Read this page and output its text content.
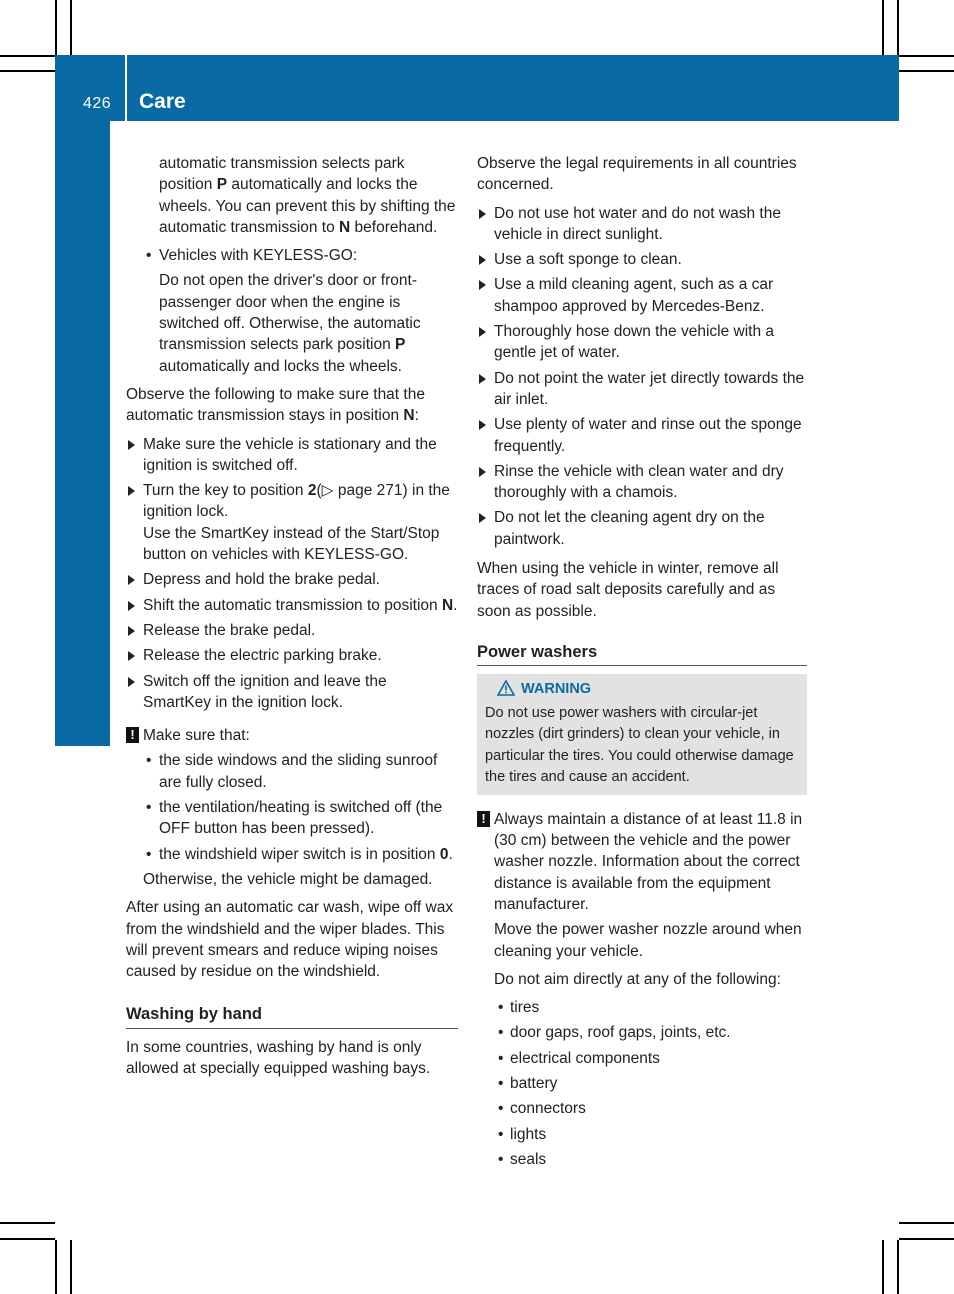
426 Care
Maintenance and care

automatic transmission selects park position P automatically and locks the wheels. You can prevent this by shifting the automatic transmission to N beforehand.

• Vehicles with KEYLESS-GO:

Do not open the driver's door or front-passenger door when the engine is switched off. Otherwise, the automatic transmission selects park position P automatically and locks the wheels.

Observe the following to make sure that the automatic transmission stays in position N:

Make sure the vehicle is stationary and the ignition is switched off.
Turn the key to position 2(▷ page 271) in the ignition lock.
Use the SmartKey instead of the Start/Stop button on vehicles with KEYLESS-GO.
Depress and hold the brake pedal.
Shift the automatic transmission to position N.
Release the brake pedal.
Release the electric parking brake.
Switch off the ignition and leave the SmartKey in the ignition lock.
! Make sure that:
• the side windows and the sliding sunroof are fully closed.
• the ventilation/heating is switched off (the OFF button has been pressed).
• the windshield wiper switch is in position 0.

Otherwise, the vehicle might be damaged.

After using an automatic car wash, wipe off wax from the windshield and the wiper blades. This will prevent smears and reduce wiping noises caused by residue on the windshield.

Washing by hand

In some countries, washing by hand is only allowed at specially equipped washing bays.

Observe the legal requirements in all countries concerned.

Do not use hot water and do not wash the vehicle in direct sunlight.
Use a soft sponge to clean.
Use a mild cleaning agent, such as a car shampoo approved by Mercedes-Benz.
Thoroughly hose down the vehicle with a gentle jet of water.
Do not point the water jet directly towards the air inlet.
Use plenty of water and rinse out the sponge frequently.
Rinse the vehicle with clean water and dry thoroughly with a chamois.
Do not let the cleaning agent dry on the paintwork.

When using the vehicle in winter, remove all traces of road salt deposits carefully and as soon as possible.

Power washers
WARNING
Do not use power washers with circular-jet nozzles (dirt grinders) to clean your vehicle, in particular the tires. You could otherwise damage the tires and cause an accident.
! Always maintain a distance of at least 11.8 in (30 cm) between the vehicle and the power washer nozzle. Information about the correct distance is available from the equipment manufacturer.

Move the power washer nozzle around when cleaning your vehicle.

Do not aim directly at any of the following:

• tires
• door gaps, roof gaps, joints, etc.
• electrical components
• battery
• connectors
• lights
• seals
